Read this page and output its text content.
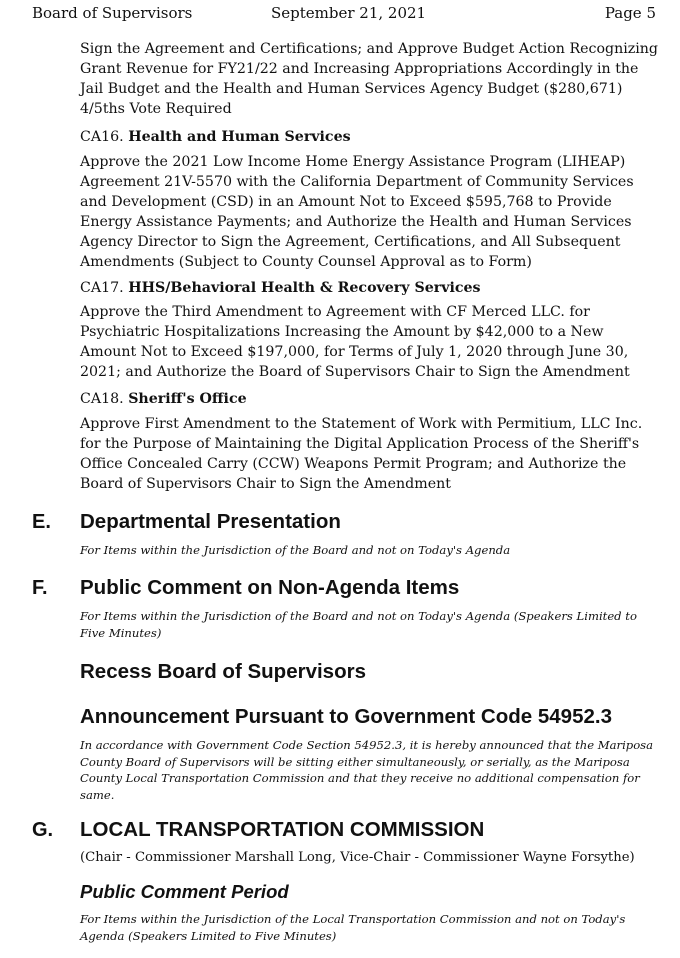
Board of Supervisors	September 21, 2021	Page 5

Sign the Agreement and Certifications; and Approve Budget Action Recognizing Grant Revenue for FY21/22 and Increasing Appropriations Accordingly in the Jail Budget and the Health and Human Services Agency Budget ($280,671) 4/5ths Vote Required

CA16. Health and Human Services

Approve the 2021 Low Income Home Energy Assistance Program (LIHEAP) Agreement 21V-5570 with the California Department of Community Services and Development (CSD) in an Amount Not to Exceed $595,768 to Provide Energy Assistance Payments; and Authorize the Health and Human Services Agency Director to Sign the Agreement, Certifications, and All Subsequent Amendments (Subject to County Counsel Approval as to Form)

CA17. HHS/Behavioral Health & Recovery Services

Approve the Third Amendment to Agreement with CF Merced LLC. for Psychiatric Hospitalizations Increasing the Amount by $42,000 to a New Amount Not to Exceed $197,000, for Terms of July 1, 2020 through June 30, 2021; and Authorize the Board of Supervisors Chair to Sign the Amendment

CA18. Sheriff's Office

Approve First Amendment to the Statement of Work with Permitium, LLC Inc. for the Purpose of Maintaining the Digital Application Process of the Sheriff's Office Concealed Carry (CCW) Weapons Permit Program; and Authorize the Board of Supervisors Chair to Sign the Amendment

E. Departmental Presentation
For Items within the Jurisdiction of the Board and not on Today's Agenda
F. Public Comment on Non-Agenda Items
For Items within the Jurisdiction of the Board and not on Today's Agenda (Speakers Limited to Five Minutes)
Recess Board of Supervisors
Announcement Pursuant to Government Code 54952.3
In accordance with Government Code Section 54952.3, it is hereby announced that the Mariposa County Board of Supervisors will be sitting either simultaneously, or serially, as the Mariposa County Local Transportation Commission and that they receive no additional compensation for same.
G. LOCAL TRANSPORTATION COMMISSION
(Chair - Commissioner Marshall Long, Vice-Chair - Commissioner Wayne Forsythe)
Public Comment Period
For Items within the Jurisdiction of the Local Transportation Commission and not on Today's Agenda (Speakers Limited to Five Minutes)
